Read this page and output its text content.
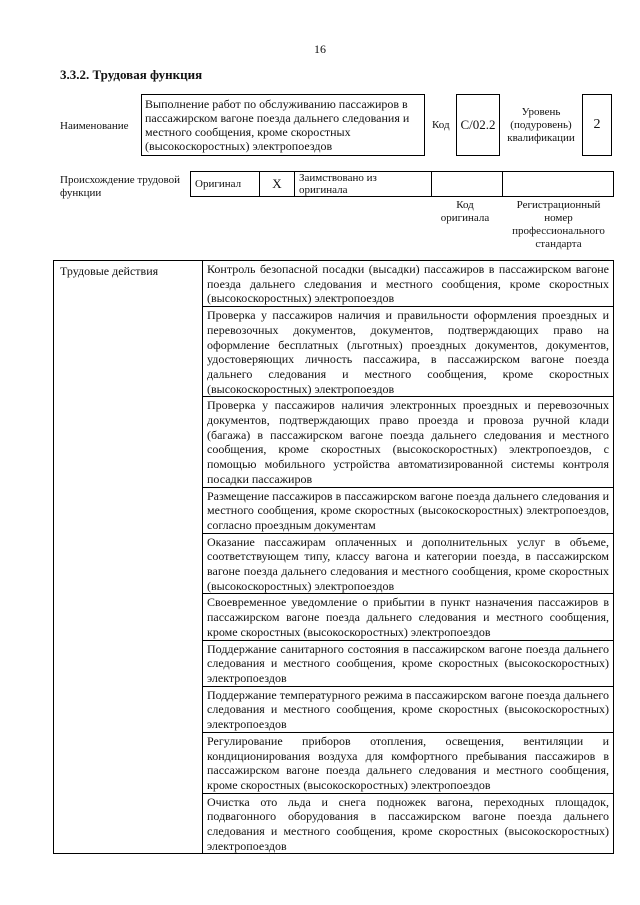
16
3.3.2. Трудовая функция
Наименование
Выполнение работ по обслуживанию пассажиров в пассажирском вагоне поезда дальнего следования и местного сообщения, кроме скоростных (высокоскоростных) электропоездов
Код C/02.2
Уровень (подуровень) квалификации
2
Происхождение трудовой функции
Оригинал	X	Заимствовано из оригинала		
Код оригинала
Регистрационный номер профессионального стандарта
Трудовые действия	Контроль безопасной посадки (высадки) пассажиров в пассажирском вагоне поезда дальнего следования и местного сообщения, кроме скоростных (высокоскоростных) электропоездов
Проверка у пассажиров наличия и правильности оформления проездных и перевозочных документов, документов, подтверждающих право на оформление бесплатных (льготных) проездных документов, документов, удостоверяющих личность пассажира, в пассажирском вагоне поезда дальнего следования и местного сообщения, кроме скоростных (высокоскоростных) электропоездов
Проверка у пассажиров наличия электронных проездных и перевозочных документов, подтверждающих право проезда и провоза ручной клади (багажа) в пассажирском вагоне поезда дальнего следования и местного сообщения, кроме скоростных (высокоскоростных) электропоездов, с помощью мобильного устройства автоматизированной системы контроля посадки пассажиров
Размещение пассажиров в пассажирском вагоне поезда дальнего следования и местного сообщения, кроме скоростных (высокоскоростных) электропоездов, согласно проездным документам
Оказание пассажирам оплаченных и дополнительных услуг в объеме, соответствующем типу, классу вагона и категории поезда, в пассажирском вагоне поезда дальнего следования и местного сообщения, кроме скоростных (высокоскоростных) электропоездов
Своевременное уведомление о прибытии в пункт назначения пассажиров в пассажирском вагоне поезда дальнего следования и местного сообщения, кроме скоростных (высокоскоростных) электропоездов
Поддержание санитарного состояния в пассажирском вагоне поезда дальнего следования и местного сообщения, кроме скоростных (высокоскоростных) электропоездов
Поддержание температурного режима в пассажирском вагоне поезда дальнего следования и местного сообщения, кроме скоростных (высокоскоростных) электропоездов
Регулирование приборов отопления, освещения, вентиляции и кондиционирования воздуха для комфортного пребывания пассажиров в пассажирском вагоне поезда дальнего следования и местного сообщения, кроме скоростных (высокоскоростных) электропоездов
Очистка ото льда и снега подножек вагона, переходных площадок, подвагонного оборудования в пассажирском вагоне поезда дальнего следования и местного сообщения, кроме скоростных (высокоскоростных) электропоездов
